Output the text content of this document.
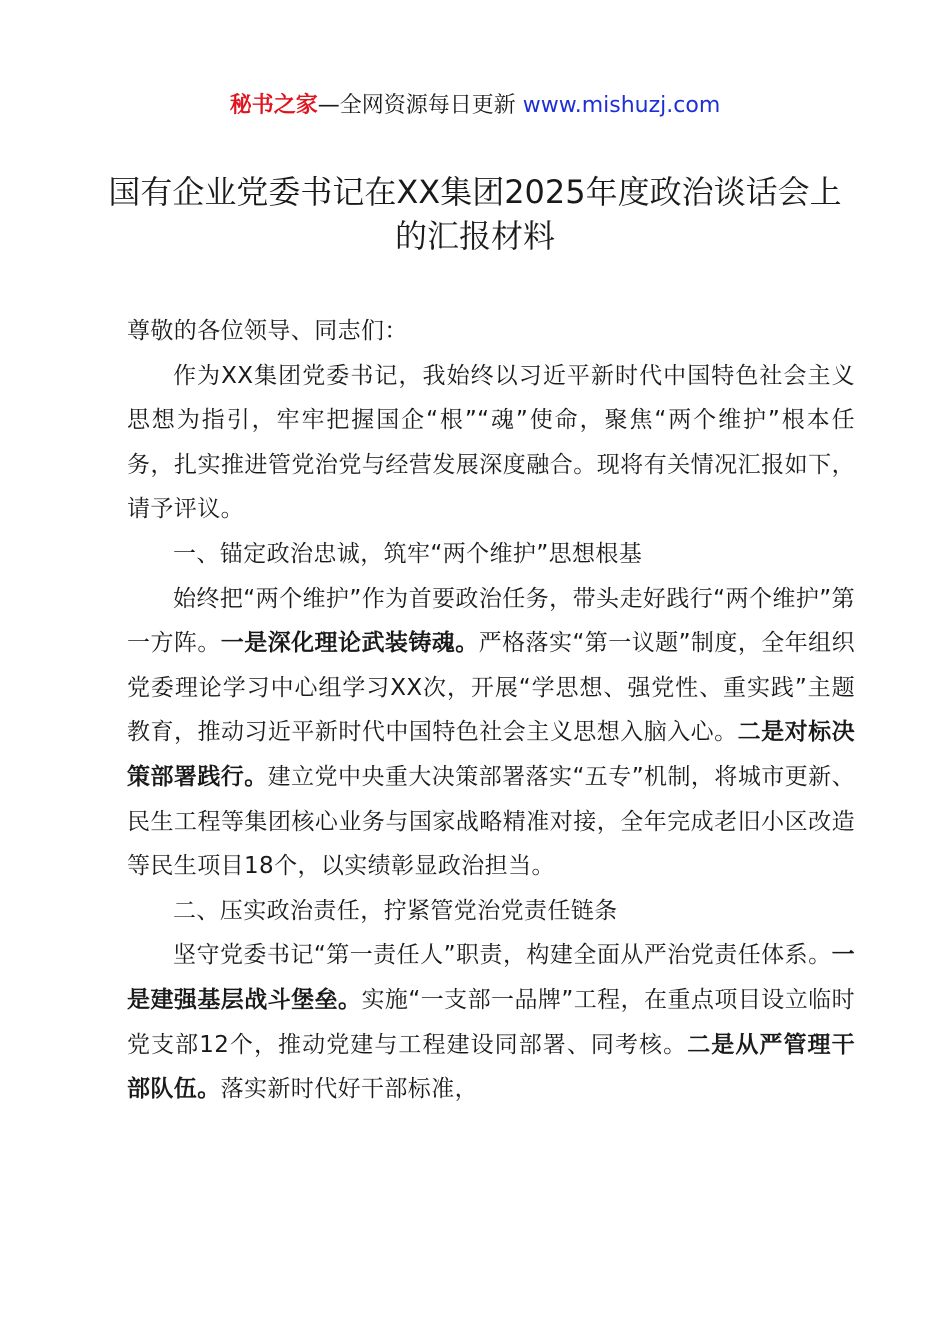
秘书之家—全网资源每日更新 www.mishuzj.com
国有企业党委书记在XX集团2025年度政治谈话会上的汇报材料

尊敬的各位领导、同志们：

作为XX集团党委书记，我始终以习近平新时代中国特色社会主义思想为指引，牢牢把握国企“根”“魂”使命，聚焦“两个维护”根本任务，扎实推进管党治党与经营发展深度融合。现将有关情况汇报如下，请予评议。

一、锚定政治忠诚，筑牢“两个维护”思想根基

始终把“两个维护”作为首要政治任务，带头走好践行“两个维护”第一方阵。一是深化理论武装铸魂。严格落实“第一议题”制度，全年组织党委理论学习中心组学习XX次，开展“学思想、强党性、重实践”主题教育，推动习近平新时代中国特色社会主义思想入脑入心。二是对标决策部署践行。建立党中央重大决策部署落实“五专”机制，将城市更新、民生工程等集团核心业务与国家战略精准对接，全年完成老旧小区改造等民生项目18个，以实绩彰显政治担当。

二、压实政治责任，拧紧管党治党责任链条

坚守党委书记“第一责任人”职责，构建全面从严治党责任体系。一是建强基层战斗堡垒。实施“一支部一品牌”工程，在重点项目设立临时党支部12个，推动党建与工程建设同部署、同考核。二是从严管理干部队伍。落实新时代好干部标准，
